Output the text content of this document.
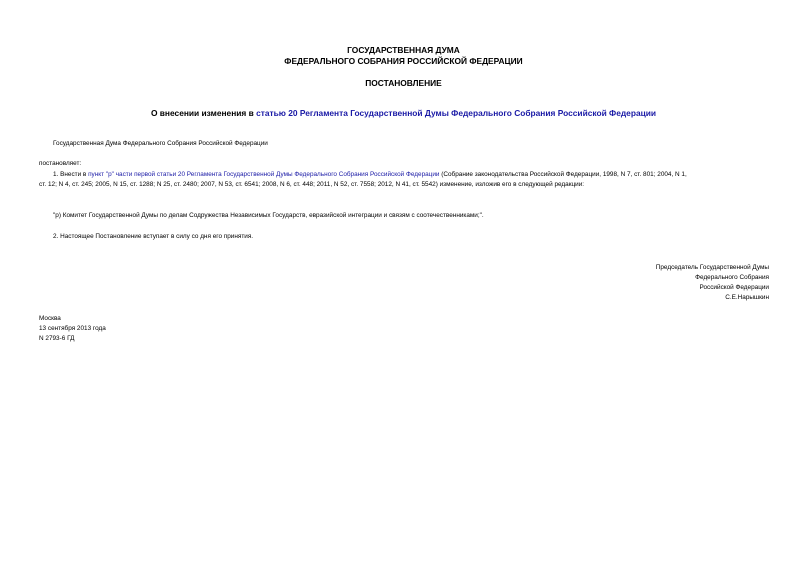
ГОСУДАРСТВЕННАЯ ДУМА
ФЕДЕРАЛЬНОГО СОБРАНИЯ РОССИЙСКОЙ ФЕДЕРАЦИИ
ПОСТАНОВЛЕНИЕ
О внесении изменения в статью 20 Регламента Государственной Думы Федерального Собрания Российской Федерации
Государственная Дума Федерального Собрания Российской Федерации
постановляет:
1. Внести в пункт "р" части первой статьи 20 Регламента Государственной Думы Федерального Собрания Российской Федерации (Собрание законодательства Российской Федерации, 1998, N 7, ст. 801; 2004, N 1,
ст. 12; N 4, ст. 245; 2005, N 15, ст. 1288; N 25, ст. 2480; 2007, N 53, ст. 6541; 2008, N 6, ст. 448; 2011, N 52, ст. 7558; 2012, N 41, ст. 5542) изменение, изложив его в следующей редакции:
"р) Комитет Государственной Думы по делам Содружества Независимых Государств, евразийской интеграции и связям с соотечественниками;".
2. Настоящее Постановление вступает в силу со дня его принятия.
Председатель Государственной Думы
Федерального Собрания
Российской Федерации
С.Е.Нарышкин
Москва
13 сентября 2013 года
N 2793-6 ГД
